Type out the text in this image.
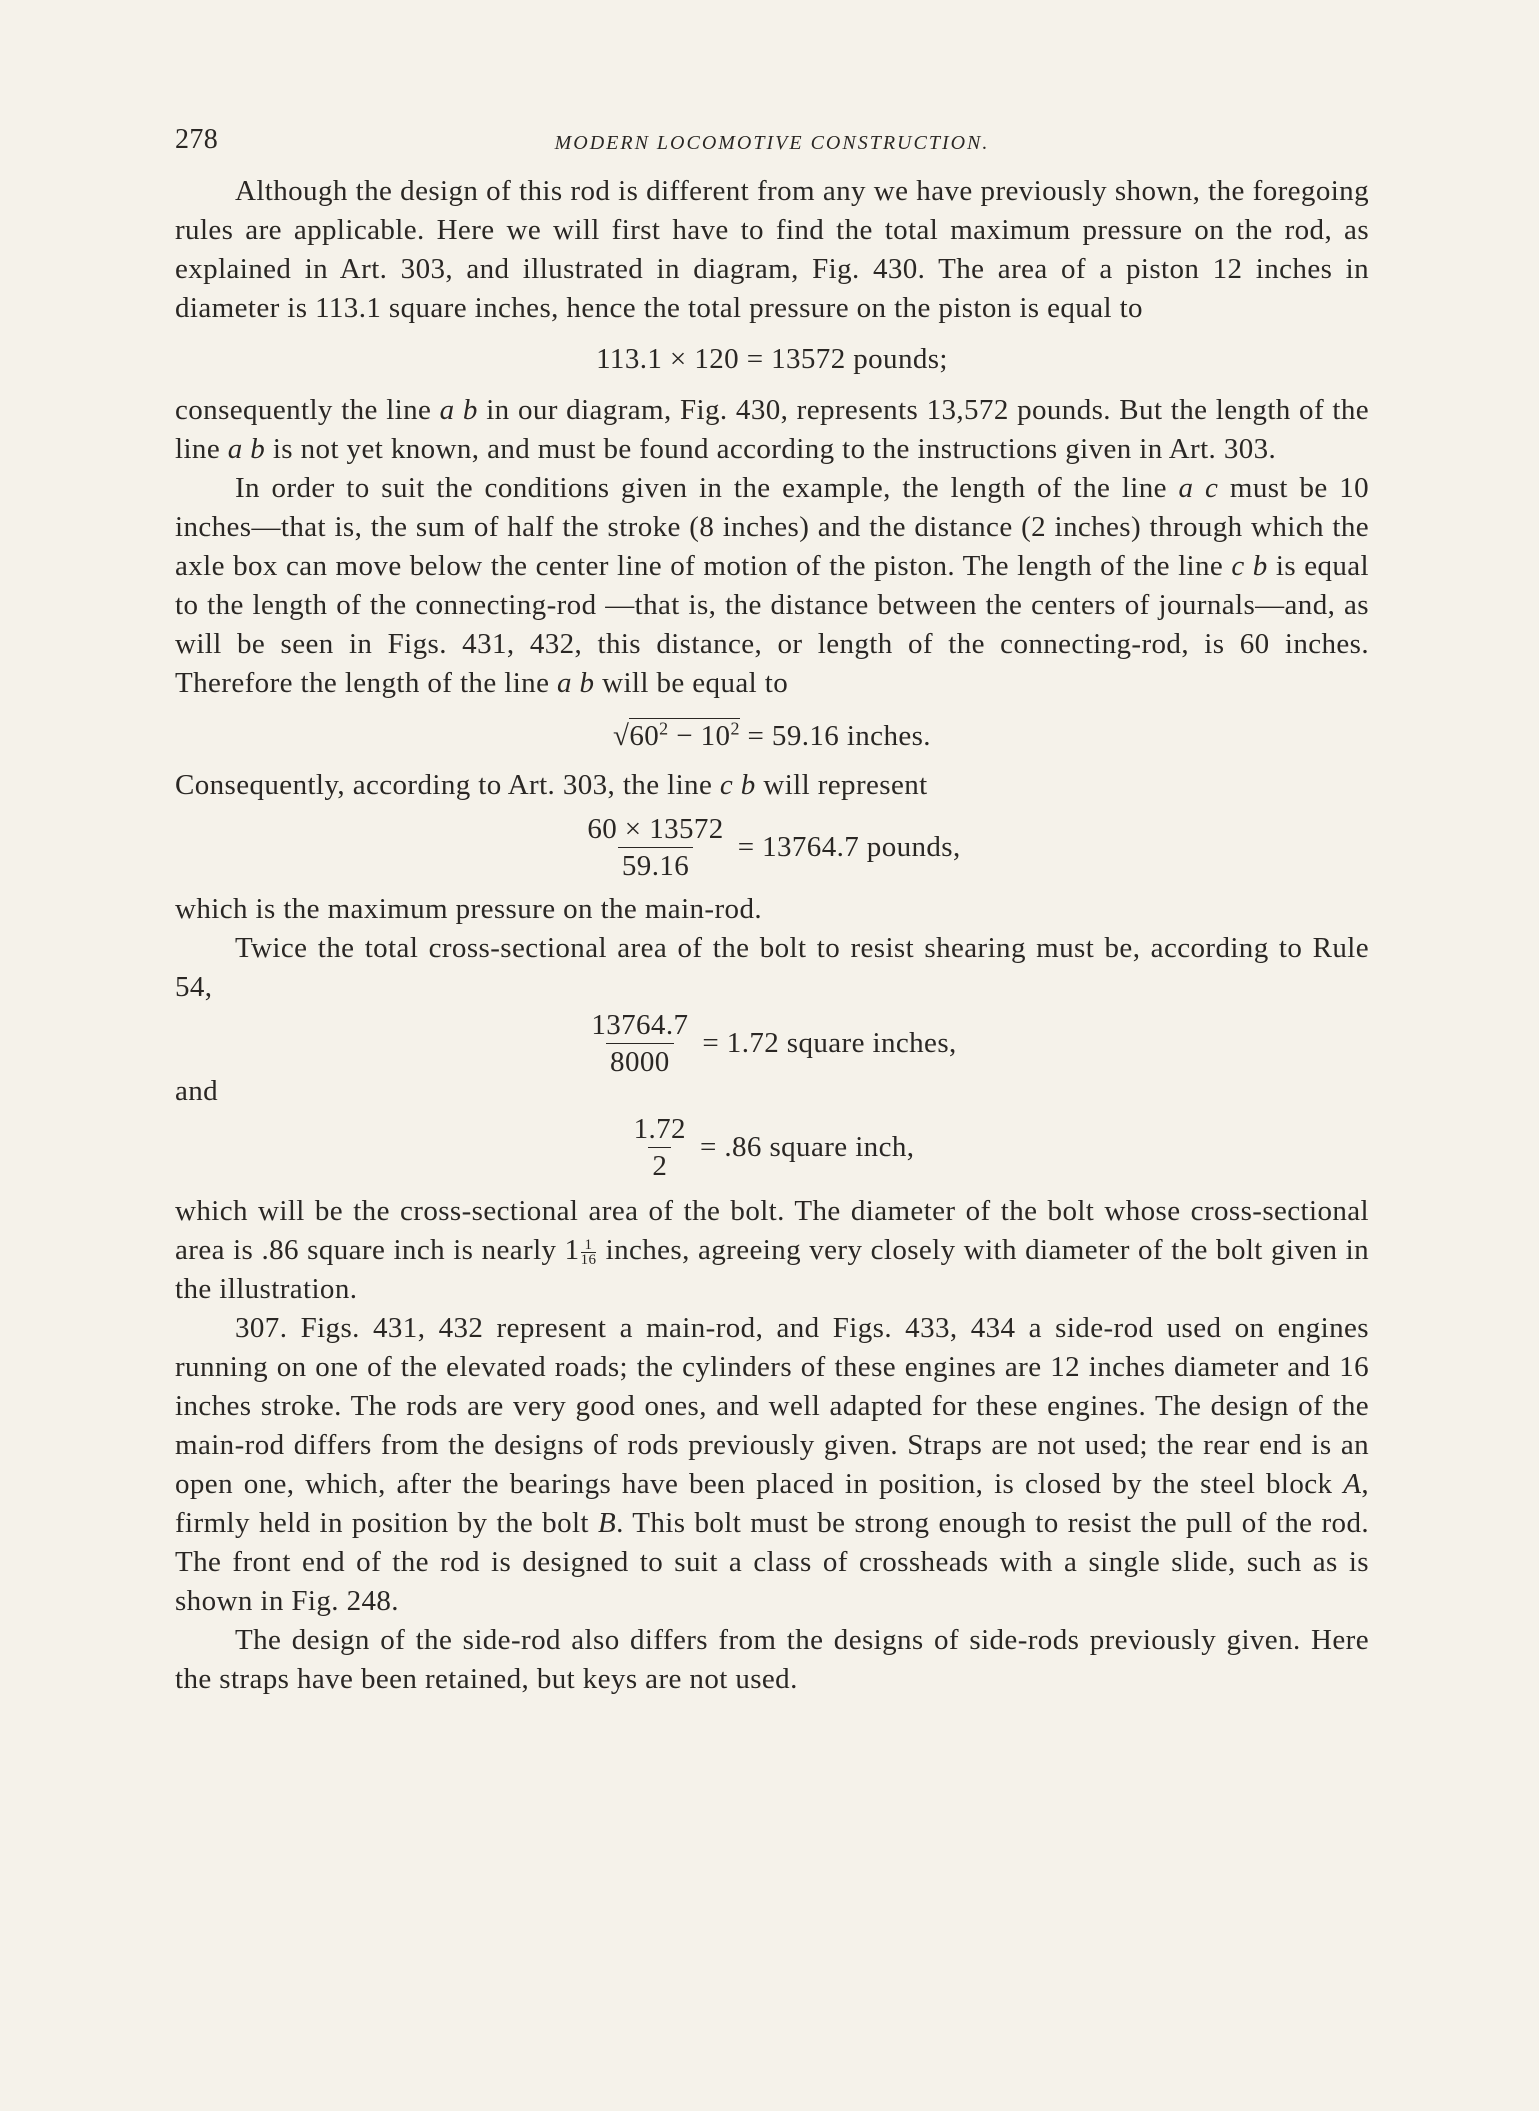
278	MODERN LOCOMOTIVE CONSTRUCTION.

Although the design of this rod is different from any we have previously shown, the foregoing rules are applicable. Here we will first have to find the total maximum pressure on the rod, as explained in Art. 303, and illustrated in diagram, Fig. 430. The area of a piston 12 inches in diameter is 113.1 square inches, hence the total pressure on the piston is equal to

113.1 × 120 = 13572 pounds;

consequently the line a b in our diagram, Fig. 430, represents 13,572 pounds. But the length of the line a b is not yet known, and must be found according to the instructions given in Art. 303.

In order to suit the conditions given in the example, the length of the line a c must be 10 inches—that is, the sum of half the stroke (8 inches) and the distance (2 inches) through which the axle box can move below the center line of motion of the piston. The length of the line c b is equal to the length of the connecting-rod —that is, the distance between the centers of journals—and, as will be seen in Figs. 431, 432, this distance, or length of the connecting-rod, is 60 inches. Therefore the length of the line a b will be equal to

$√60^2 - 10^2 = 59.16$ inches.

Consequently, according to Art. 303, the line c b will represent

$\frac{60 \times 13572}{59.16} = 13764.7$ pounds,

which is the maximum pressure on the main-rod.

Twice the total cross-sectional area of the bolt to resist shearing must be, according to Rule 54,

$\frac{13764.7}{8000} = 1.72$ square inches,
and
$\frac{1.72}{2} = .86$ square inch,

which will be the cross-sectional area of the bolt. The diameter of the bolt whose cross-sectional area is .86 square inch is nearly $1 \frac{1}{16}$ inches, agreeing very closely with diameter of the bolt given in the illustration.

307. Figs. 431, 432 represent a main-rod, and Figs. 433, 434 a side-rod used on engines running on one of the elevated roads; the cylinders of these engines are 12 inches diameter and 16 inches stroke. The rods are very good ones, and well adapted for these engines. The design of the main-rod differs from the designs of rods previously given. Straps are not used; the rear end is an open one, which, after the bearings have been placed in position, is closed by the steel block A, firmly held in position by the bolt B. This bolt must be strong enough to resist the pull of the rod. The front end of the rod is designed to suit a class of crossheads with a single slide, such as is shown in Fig. 248.

The design of the side-rod also differs from the designs of side-rods previously given. Here the straps have been retained, but keys are not used.
